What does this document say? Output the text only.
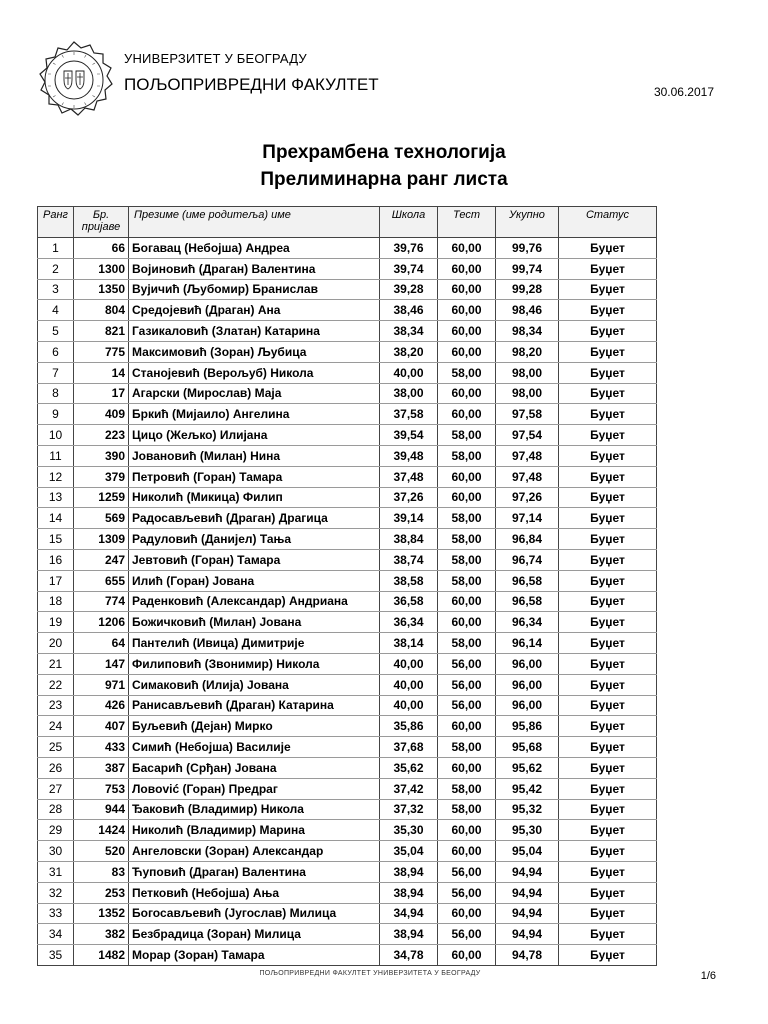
УНИВЕРЗИТЕТ У БЕОГРАДУ
ПОЉОПРИВРЕДНИ ФАКУЛТЕТ	30.06.2017
Прехрамбена технологија
Прелиминарна ранг листа
Ранг	Бр. пријаве	Презиме (име родитеља) име	Школа	Тест	Укупно	Статус
1	66	Богавац (Небојша) Андреа	39,76	60,00	99,76	Буџет
2	1300	Војиновић (Драган) Валентина	39,74	60,00	99,74	Буџет
3	1350	Вујичић (Љубомир) Бранислав	39,28	60,00	99,28	Буџет
4	804	Средојевић (Драган) Ана	38,46	60,00	98,46	Буџет
5	821	Газикаловић (Златан) Катарина	38,34	60,00	98,34	Буџет
6	775	Максимовић (Зоран) Љубица	38,20	60,00	98,20	Буџет
7	14	Станојевић (Верољуб) Никола	40,00	58,00	98,00	Буџет
8	17	Агарски (Мирослав) Маја	38,00	60,00	98,00	Буџет
9	409	Бркић (Мијаило) Ангелина	37,58	60,00	97,58	Буџет
10	223	Цицо (Жељко) Илијана	39,54	58,00	97,54	Буџет
11	390	Јовановић (Милан) Нина	39,48	58,00	97,48	Буџет
12	379	Петровић (Горан) Тамара	37,48	60,00	97,48	Буџет
13	1259	Николић (Микица) Филип	37,26	60,00	97,26	Буџет
14	569	Радосављевић (Драган) Драгица	39,14	58,00	97,14	Буџет
15	1309	Радуловић (Данијел) Тања	38,84	58,00	96,84	Буџет
16	247	Јевтовић (Горан) Тамара	38,74	58,00	96,74	Буџет
17	655	Илић (Горан) Јована	38,58	58,00	96,58	Буџет
18	774	Раденковић (Александар) Андриана	36,58	60,00	96,58	Буџет
19	1206	Божичковић (Милан) Јована	36,34	60,00	96,34	Буџет
20	64	Пантелић (Ивица) Димитрије	38,14	58,00	96,14	Буџет
21	147	Филиповић (Звонимир) Никола	40,00	56,00	96,00	Буџет
22	971	Симаковић (Илија) Јована	40,00	56,00	96,00	Буџет
23	426	Ранисављевић (Драган) Катарина	40,00	56,00	96,00	Буџет
24	407	Буљевић (Дејан) Мирко	35,86	60,00	95,86	Буџет
25	433	Симић (Небојша) Василије	37,68	58,00	95,68	Буџет
26	387	Басарић (Срђан) Јована	35,62	60,00	95,62	Буџет
27	753	Ловović (Горан) Предраг	37,42	58,00	95,42	Буџет
28	944	Ђаковић (Владимир) Никола	37,32	58,00	95,32	Буџет
29	1424	Николић (Владимир) Марина	35,30	60,00	95,30	Буџет
30	520	Ангеловски (Зоран) Александар	35,04	60,00	95,04	Буџет
31	83	Ћуповић (Драган) Валентина	38,94	56,00	94,94	Буџет
32	253	Петковић (Небојша) Ања	38,94	56,00	94,94	Буџет
33	1352	Богосављевић (Југослав) Милица	34,94	60,00	94,94	Буџет
34	382	Безбрадица (Зоран) Милица	38,94	56,00	94,94	Буџет
35	1482	Морар (Зоран) Тамара	34,78	60,00	94,78	Буџет
ПОЉОПРИВРЕДНИ ФАКУЛТЕТ УНИВЕРЗИТЕТА У БЕОГРАДУ	1/6
